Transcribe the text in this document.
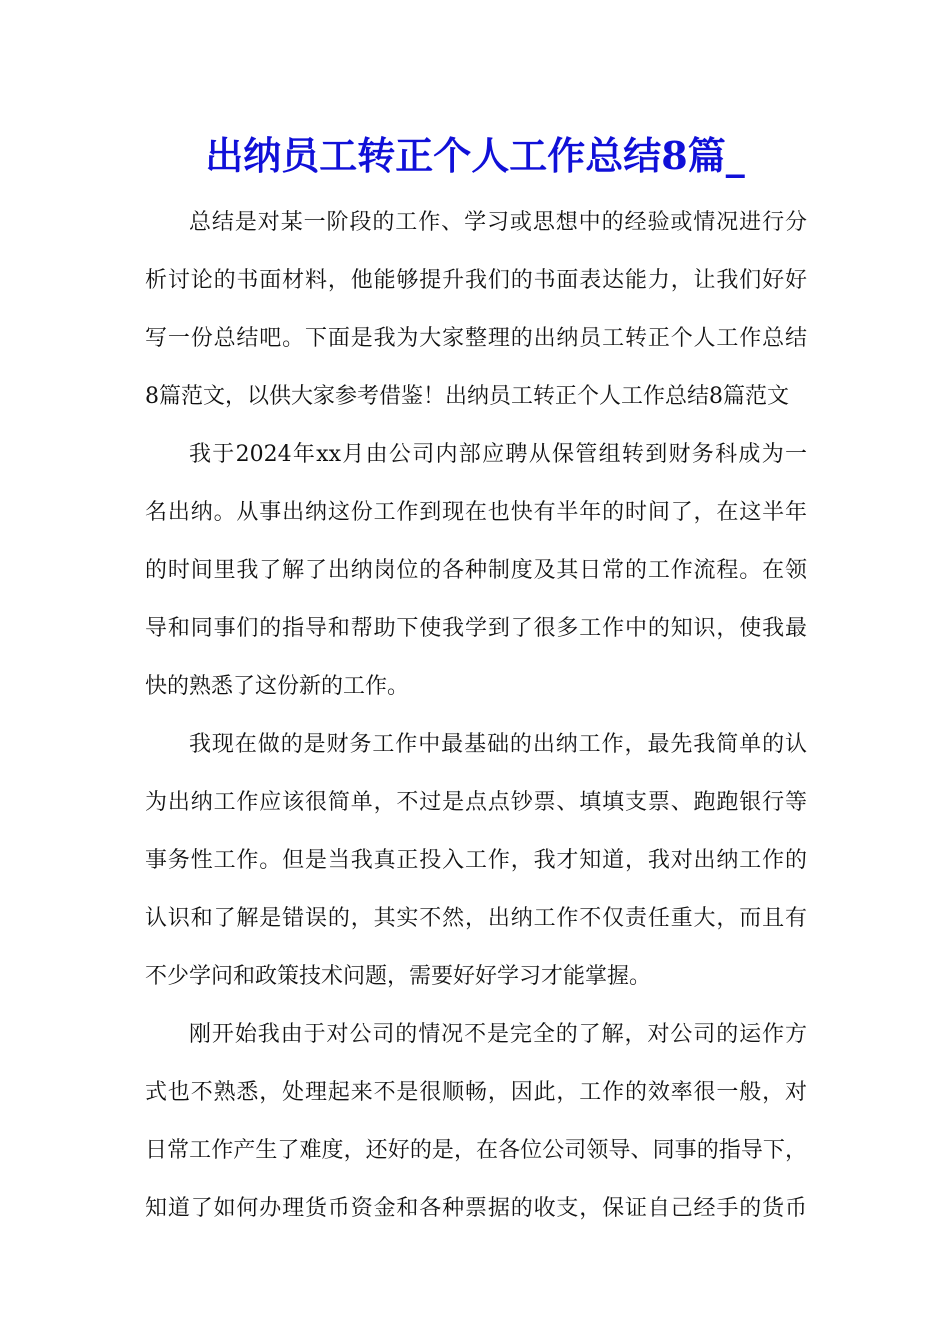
出纳员工转正个人工作总结8篇_
总结是对某一阶段的工作、学习或思想中的经验或情况进行分
析讨论的书面材料，他能够提升我们的书面表达能力，让我们好好
写一份总结吧。下面是我为大家整理的出纳员工转正个人工作总结
8篇范文，以供大家参考借鉴！出纳员工转正个人工作总结8篇范文
我于2024年xx月由公司内部应聘从保管组转到财务科成为一
名出纳。从事出纳这份工作到现在也快有半年的时间了，在这半年
的时间里我了解了出纳岗位的各种制度及其日常的工作流程。在领
导和同事们的指导和帮助下使我学到了很多工作中的知识，使我最
快的熟悉了这份新的工作。
我现在做的是财务工作中最基础的出纳工作，最先我简单的认
为出纳工作应该很简单，不过是点点钞票、填填支票、跑跑银行等
事务性工作。但是当我真正投入工作，我才知道，我对出纳工作的
认识和了解是错误的，其实不然，出纳工作不仅责任重大，而且有
不少学问和政策技术问题，需要好好学习才能掌握。
刚开始我由于对公司的情况不是完全的了解，对公司的运作方
式也不熟悉，处理起来不是很顺畅，因此，工作的效率很一般，对
日常工作产生了难度，还好的是，在各位公司领导、同事的指导下，
知道了如何办理货币资金和各种票据的收支，保证自己经手的货币
